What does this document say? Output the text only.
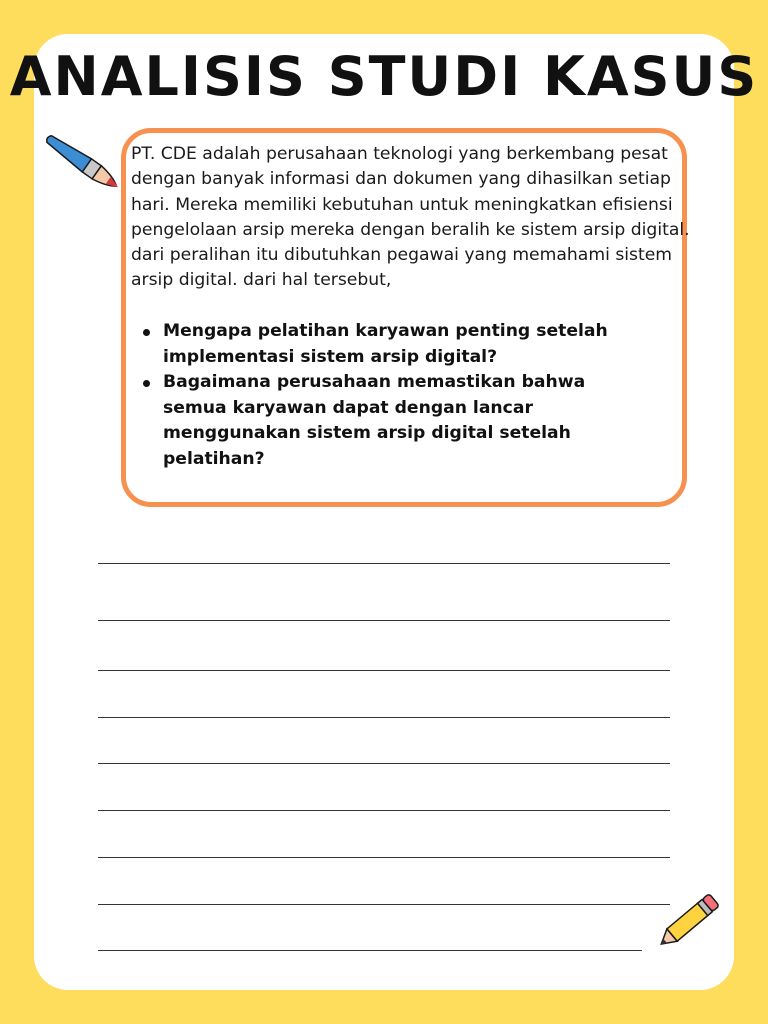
ANALISIS STUDI KASUS

PT. CDE adalah perusahaan teknologi yang berkembang pesat dengan banyak informasi dan dokumen yang dihasilkan setiap hari. Mereka memiliki kebutuhan untuk meningkatkan efisiensi pengelolaan arsip mereka dengan beralih ke sistem arsip digital. dari peralihan itu dibutuhkan pegawai yang memahami sistem arsip digital. dari hal tersebut,

Mengapa pelatihan karyawan penting setelah implementasi sistem arsip digital?
Bagaimana perusahaan memastikan bahwa semua karyawan dapat dengan lancar menggunakan sistem arsip digital setelah pelatihan?
